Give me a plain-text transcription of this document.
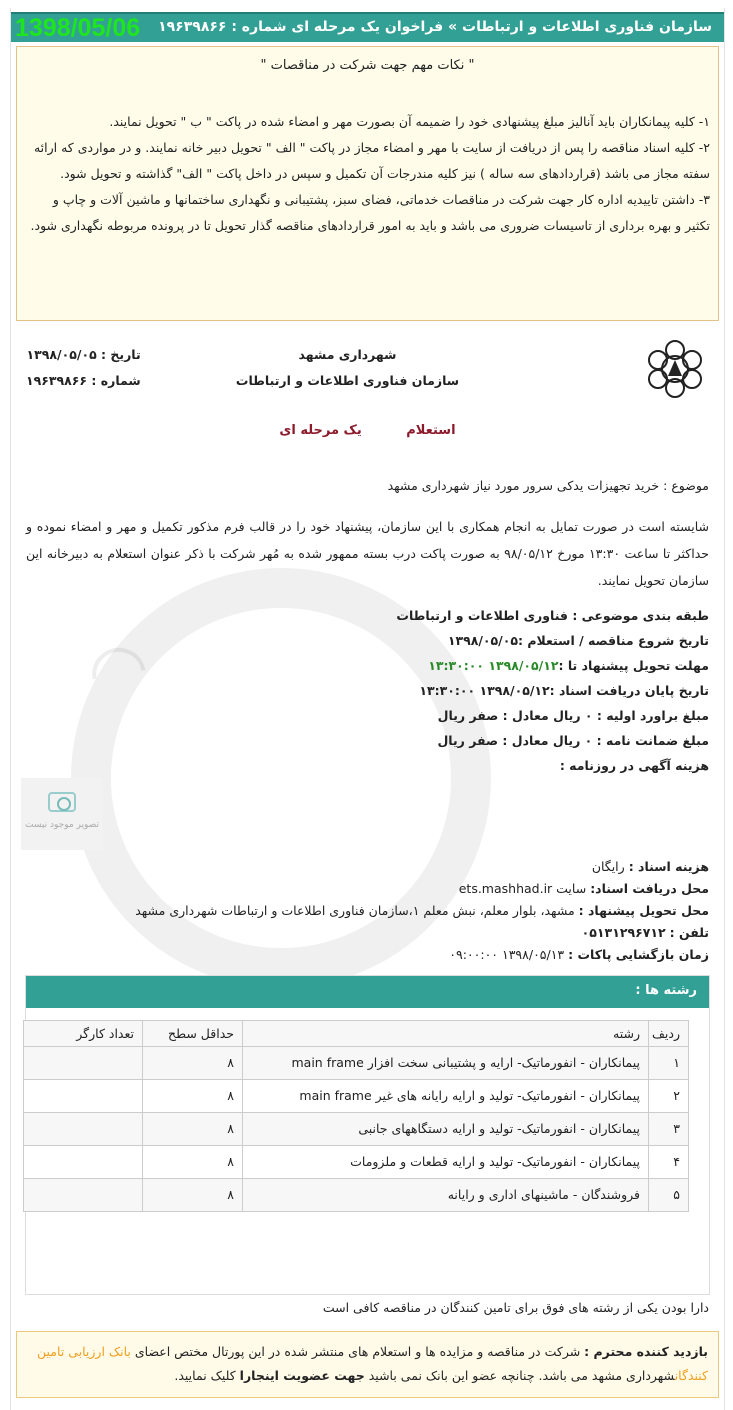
سازمان فناوری اطلاعات و ارتباطات » فراخوان یک مرحله ای شماره : ۱۹۶۳۹۸۶۶
1398/05/06
" نکات مهم جهت شرکت در مناقصات "
۱- کلیه پیمانکاران باید آنالیز مبلغ پیشنهادی خود را ضمیمه آن بصورت مهر و امضاء شده در پاکت " ب " تحویل نمایند.
۲- کلیه اسناد مناقصه را پس از دریافت از سایت با مهر و امضاء مجاز در پاکت " الف " تحویل دبیر خانه نمایند. و در مواردی که ارائه سفته مجاز می باشد (قراردادهای سه ساله ) نیز کلیه مندرجات آن تکمیل و سپس در داخل پاکت " الف" گذاشته و تحویل شود.
۳- داشتن تاییدیه اداره کار جهت شرکت در مناقصات خدماتی، فضای سبز، پشتیبانی و نگهداری ساختمانها و ماشین آلات و چاپ و تکثیر و بهره برداری از تاسیسات ضروری می باشد و باید به امور قراردادهای مناقصه گذار تحویل تا در پرونده مربوطه نگهداری شود.
◠
شهرداری مشهد
سازمان فناوری اطلاعات و ارتباطات
تاریخ : ۱۳۹۸/۰۵/۰۵
شماره : ۱۹۶۳۹۸۶۶
استعلام یک مرحله ای
موضوع : خرید تجهیزات یدکی سرور مورد نیاز شهرداری مشهد
شایسته است در صورت تمایل به انجام همکاری با این سازمان، پیشنهاد خود را در قالب فرم مذکور تکمیل و مهر و امضاء نموده و حداکثر تا ساعت ۱۳:۳۰ مورخ ۹۸/۰۵/۱۲ به صورت پاکت درب بسته ممهور شده به مُهر شرکت با ذکر عنوان استعلام به دبیرخانه این سازمان تحویل نمایند.
طبقه بندی موضوعی : فناوری اطلاعات و ارتباطات
تاریخ شروع مناقصه / استعلام :۱۳۹۸/۰۵/۰۵
مهلت تحویل پیشنهاد تا :۱۳۹۸/۰۵/۱۲ ۱۳:۳۰:۰۰
تاریخ پایان دریافت اسناد :۱۳۹۸/۰۵/۱۲ ۱۳:۳۰:۰۰
مبلغ براورد اولیه : ۰ ریال معادل : صفر ریال
مبلغ ضمانت نامه : ۰ ریال معادل : صفر ریال
هزینه آگهی در روزنامه :
تصویر موجود نیست
هزینه اسناد : رایگان
محل دریافت اسناد: سایت ets.mashhad.ir
محل تحویل پیشنهاد : مشهد، بلوار معلم، نبش معلم ۱،سازمان فناوری اطلاعات و ارتباطات شهرداری مشهد تلفن : ۰۵۱۳۱۲۹۶۷۱۲
زمان بازگشایی پاکات : ۱۳۹۸/۰۵/۱۳ ۰۹:۰۰:۰۰
رشته ها :
ردیف	رشته	حداقل سطح	تعداد کارگر
۱	پیمانکاران - انفورماتیک- ارایه و پشتیبانی سخت افزار main frame	۸	
۲	پیمانکاران - انفورماتیک- تولید و ارایه رایانه های غیر main frame	۸	
۳	پیمانکاران - انفورماتیک- تولید و ارایه دستگاههای جانبی	۸	
۴	پیمانکاران - انفورماتیک- تولید و ارایه قطعات و ملزومات	۸	
۵	فروشندگان - ماشینهای اداری و رایانه	۸	
دارا بودن یکی از رشته های فوق برای تامین کنندگان در مناقصه کافی است
بازدید کننده محترم : شرکت در مناقصه و مزایده ها و استعلام های منتشر شده در این پورتال مختص اعضای بانک ارزیابی تامین کنندگانشهرداری مشهد می باشد. چنانچه عضو این بانک نمی باشید جهت عضویت اینجارا کلیک نمایید.
